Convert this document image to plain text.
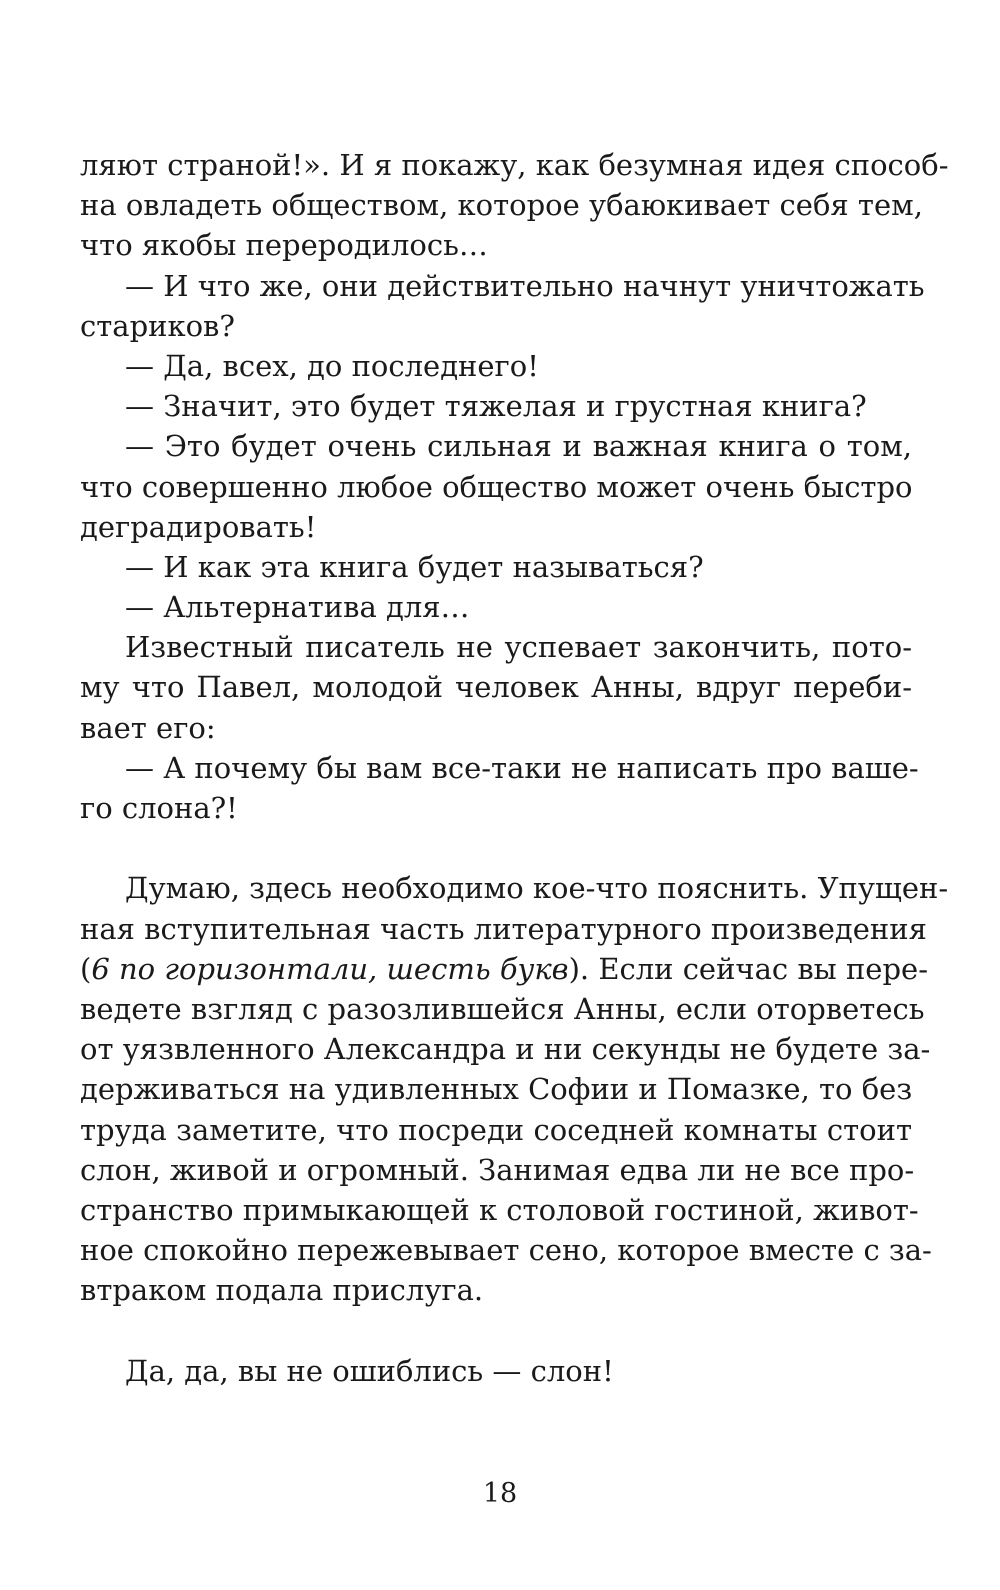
ляют страной!». И я покажу, как безумная идея способ-
на овладеть обществом, которое убаюкивает себя тем,
что якобы переродилось…
— И что же, они действительно начнут уничтожать
стариков?
— Да, всех, до последнего!
— Значит, это будет тяжелая и грустная книга?
— Это будет очень сильная и важная книга о том,
что совершенно любое общество может очень быстро
деградировать!
— И как эта книга будет называться?
— Альтернатива для…
Известный писатель не успевает закончить, пото-
му что Павел, молодой человек Анны, вдруг переби-
вает его:
— А почему бы вам все-таки не написать про ваше-
го слона?!
Думаю, здесь необходимо кое-что пояснить. Упущен-
ная вступительная часть литературного произведения
(6 по горизонтали, шесть букв). Если сейчас вы пере-
ведете взгляд с разозлившейся Анны, если оторветесь
от уязвленного Александра и ни секунды не будете за-
держиваться на удивленных Софии и Помазке, то без
труда заметите, что посреди соседней комнаты стоит
слон, живой и огромный. Занимая едва ли не все про-
странство примыкающей к столовой гостиной, живот-
ное спокойно пережевывает сено, которое вместе с за-
втраком подала прислуга.
Да, да, вы не ошиблись — слон!
18
